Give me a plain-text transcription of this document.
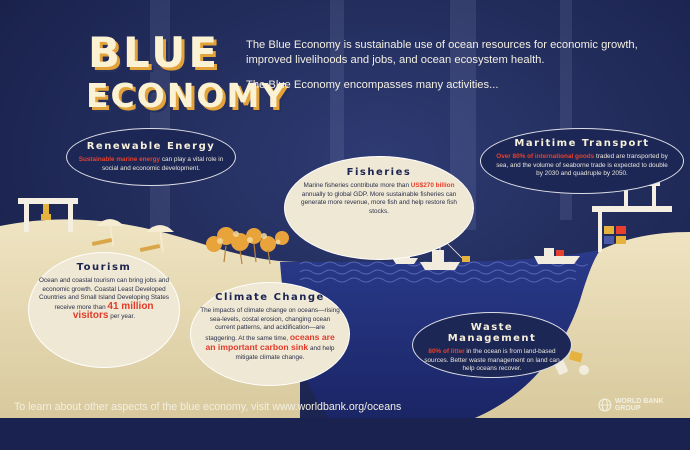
BLUE
ECONOMY
The Blue Economy is sustainable use of ocean resources for economic growth, improved livelihoods and jobs, and ocean ecosystem health.
The Blue Economy encompasses many activities...
Renewable Energy

Sustainable marine energy can play a vital role in social and economic development.	Fisheries

Marine fisheries contribute more than US$270 billion annually to global GDP. More sustainable fisheries can generate more revenue, more fish and help restore fish stocks.

Maritime Transport

Over 80% of international goods traded are transported by sea, and the volume of seaborne trade is expected to double by 2030 and quadruple by 2050.

Tourism

Ocean and coastal tourism can bring jobs and economic growth. Coastal Least Developed Countries and Small Island Developing States receive more than 41 million visitors per year.

Climate Change

The impacts of climate change on oceans—rising sea-levels, costal erosion, changing ocean current patterns, and acidification—are staggering. At the same time, oceans are an important carbon sink and help mitigate climate change.

Waste Management

80% of litter in the ocean is from land-based sources. Better waste management on land can help oceans recover.

To learn about other aspects of the blue economy, visit www.worldbank.org/oceans	WORLD BANK GROUP
